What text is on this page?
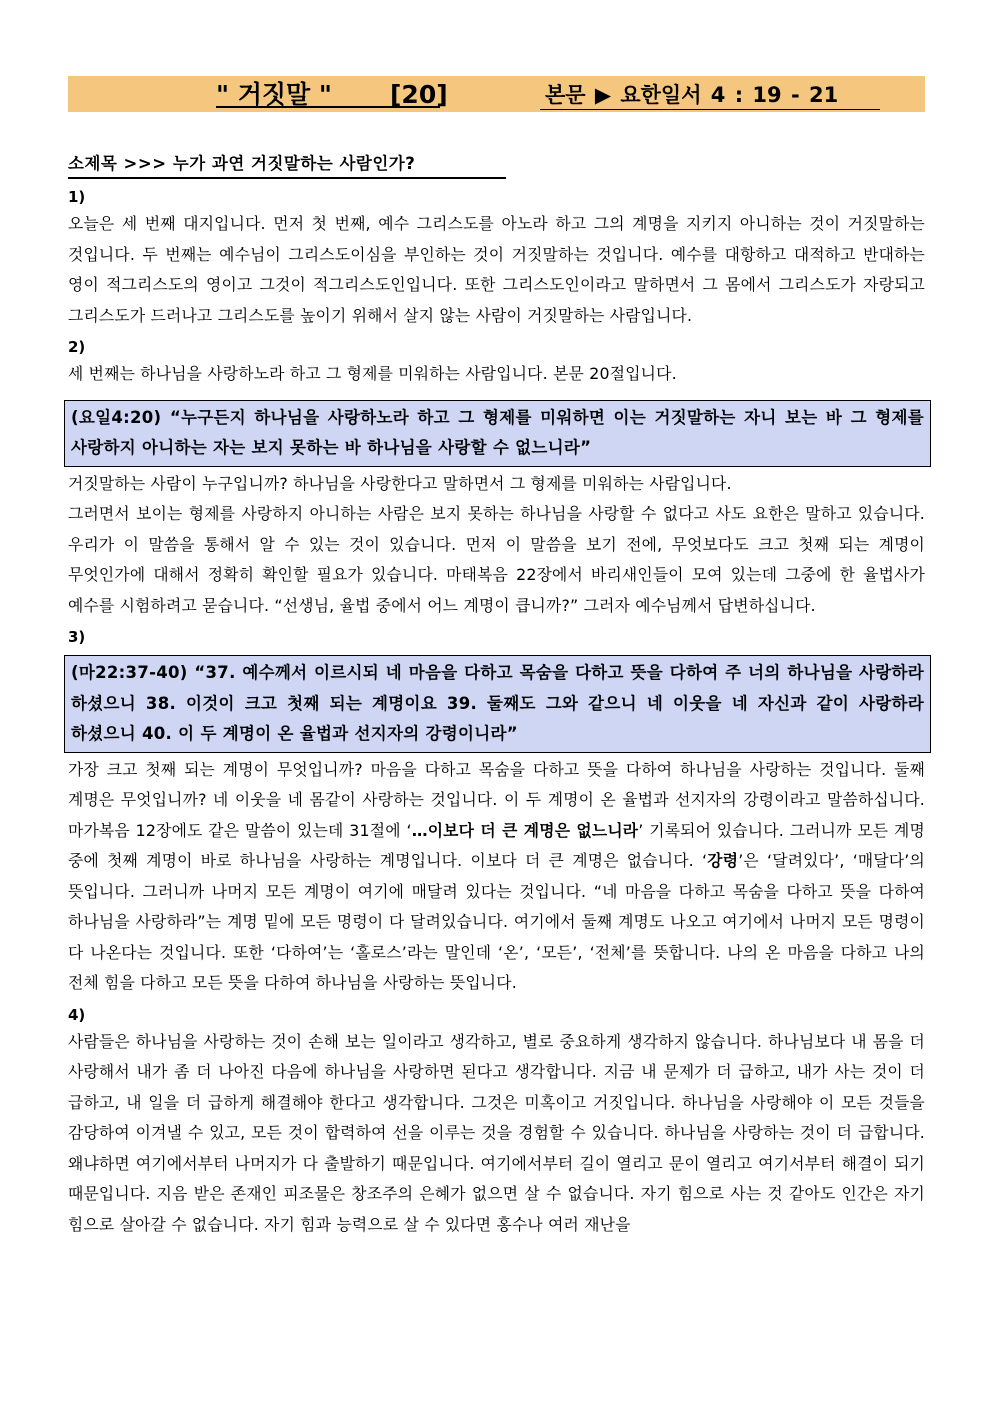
" 거짓말 " [20]	본문 ▶ 요한일서 4 : 19 - 21
소제목 >>> 누가 과연 거짓말하는 사람인가?
1)

오늘은 세 번째 대지입니다. 먼저 첫 번째, 예수 그리스도를 아노라 하고 그의 계명을 지키지 아니하는 것이 거짓말하는 것입니다. 두 번째는 예수님이 그리스도이심을 부인하는 것이 거짓말하는 것입니다. 예수를 대항하고 대적하고 반대하는 영이 적그리스도의 영이고 그것이 적그리스도인입니다. 또한 그리스도인이라고 말하면서 그 몸에서 그리스도가 자랑되고 그리스도가 드러나고 그리스도를 높이기 위해서 살지 않는 사람이 거짓말하는 사람입니다.

2)

세 번째는 하나님을 사랑하노라 하고 그 형제를 미워하는 사람입니다. 본문 20절입니다.

(요일4:20) “누구든지 하나님을 사랑하노라 하고 그 형제를 미워하면 이는 거짓말하는 자니 보는 바 그 형제를 사랑하지 아니하는 자는 보지 못하는 바 하나님을 사랑할 수 없느니라”

거짓말하는 사람이 누구입니까? 하나님을 사랑한다고 말하면서 그 형제를 미워하는 사람입니다.

그러면서 보이는 형제를 사랑하지 아니하는 사람은 보지 못하는 하나님을 사랑할 수 없다고 사도 요한은 말하고 있습니다. 우리가 이 말씀을 통해서 알 수 있는 것이 있습니다. 먼저 이 말씀을 보기 전에, 무엇보다도 크고 첫째 되는 계명이 무엇인가에 대해서 정확히 확인할 필요가 있습니다. 마태복음 22장에서 바리새인들이 모여 있는데 그중에 한 율법사가 예수를 시험하려고 묻습니다. “선생님, 율법 중에서 어느 계명이 큽니까?” 그러자 예수님께서 답변하십니다.

3)
(마22:37-40) “37. 예수께서 이르시되 네 마음을 다하고 목숨을 다하고 뜻을 다하여 주 너의 하나님을 사랑하라 하셨으니 38. 이것이 크고 첫째 되는 계명이요 39. 둘째도 그와 같으니 네 이웃을 네 자신과 같이 사랑하라 하셨으니 40. 이 두 계명이 온 율법과 선지자의 강령이니라”

가장 크고 첫째 되는 계명이 무엇입니까? 마음을 다하고 목숨을 다하고 뜻을 다하여 하나님을 사랑하는 것입니다. 둘째 계명은 무엇입니까? 네 이웃을 네 몸같이 사랑하는 것입니다. 이 두 계명이 온 율법과 선지자의 강령이라고 말씀하십니다. 마가복음 12장에도 같은 말씀이 있는데 31절에 ‘…이보다 더 큰 계명은 없느니라’ 기록되어 있습니다. 그러니까 모든 계명 중에 첫째 계명이 바로 하나님을 사랑하는 계명입니다. 이보다 더 큰 계명은 없습니다. ‘강령’은 ‘달려있다’, ‘매달다’의 뜻입니다. 그러니까 나머지 모든 계명이 여기에 매달려 있다는 것입니다. “네 마음을 다하고 목숨을 다하고 뜻을 다하여 하나님을 사랑하라”는 계명 밑에 모든 명령이 다 달려있습니다. 여기에서 둘째 계명도 나오고 여기에서 나머지 모든 명령이 다 나온다는 것입니다. 또한 ‘다하여’는 ‘홀로스’라는 말인데 ‘온’, ‘모든’, ‘전체’를 뜻합니다. 나의 온 마음을 다하고 나의 전체 힘을 다하고 모든 뜻을 다하여 하나님을 사랑하는 뜻입니다.

4)

사람들은 하나님을 사랑하는 것이 손해 보는 일이라고 생각하고, 별로 중요하게 생각하지 않습니다. 하나님보다 내 몸을 더 사랑해서 내가 좀 더 나아진 다음에 하나님을 사랑하면 된다고 생각합니다. 지금 내 문제가 더 급하고, 내가 사는 것이 더 급하고, 내 일을 더 급하게 해결해야 한다고 생각합니다. 그것은 미혹이고 거짓입니다. 하나님을 사랑해야 이 모든 것들을 감당하여 이겨낼 수 있고, 모든 것이 합력하여 선을 이루는 것을 경험할 수 있습니다. 하나님을 사랑하는 것이 더 급합니다. 왜냐하면 여기에서부터 나머지가 다 출발하기 때문입니다. 여기에서부터 길이 열리고 문이 열리고 여기서부터 해결이 되기 때문입니다. 지음 받은 존재인 피조물은 창조주의 은혜가 없으면 살 수 없습니다. 자기 힘으로 사는 것 같아도 인간은 자기 힘으로 살아갈 수 없습니다. 자기 힘과 능력으로 살 수 있다면 홍수나 여러 재난을
